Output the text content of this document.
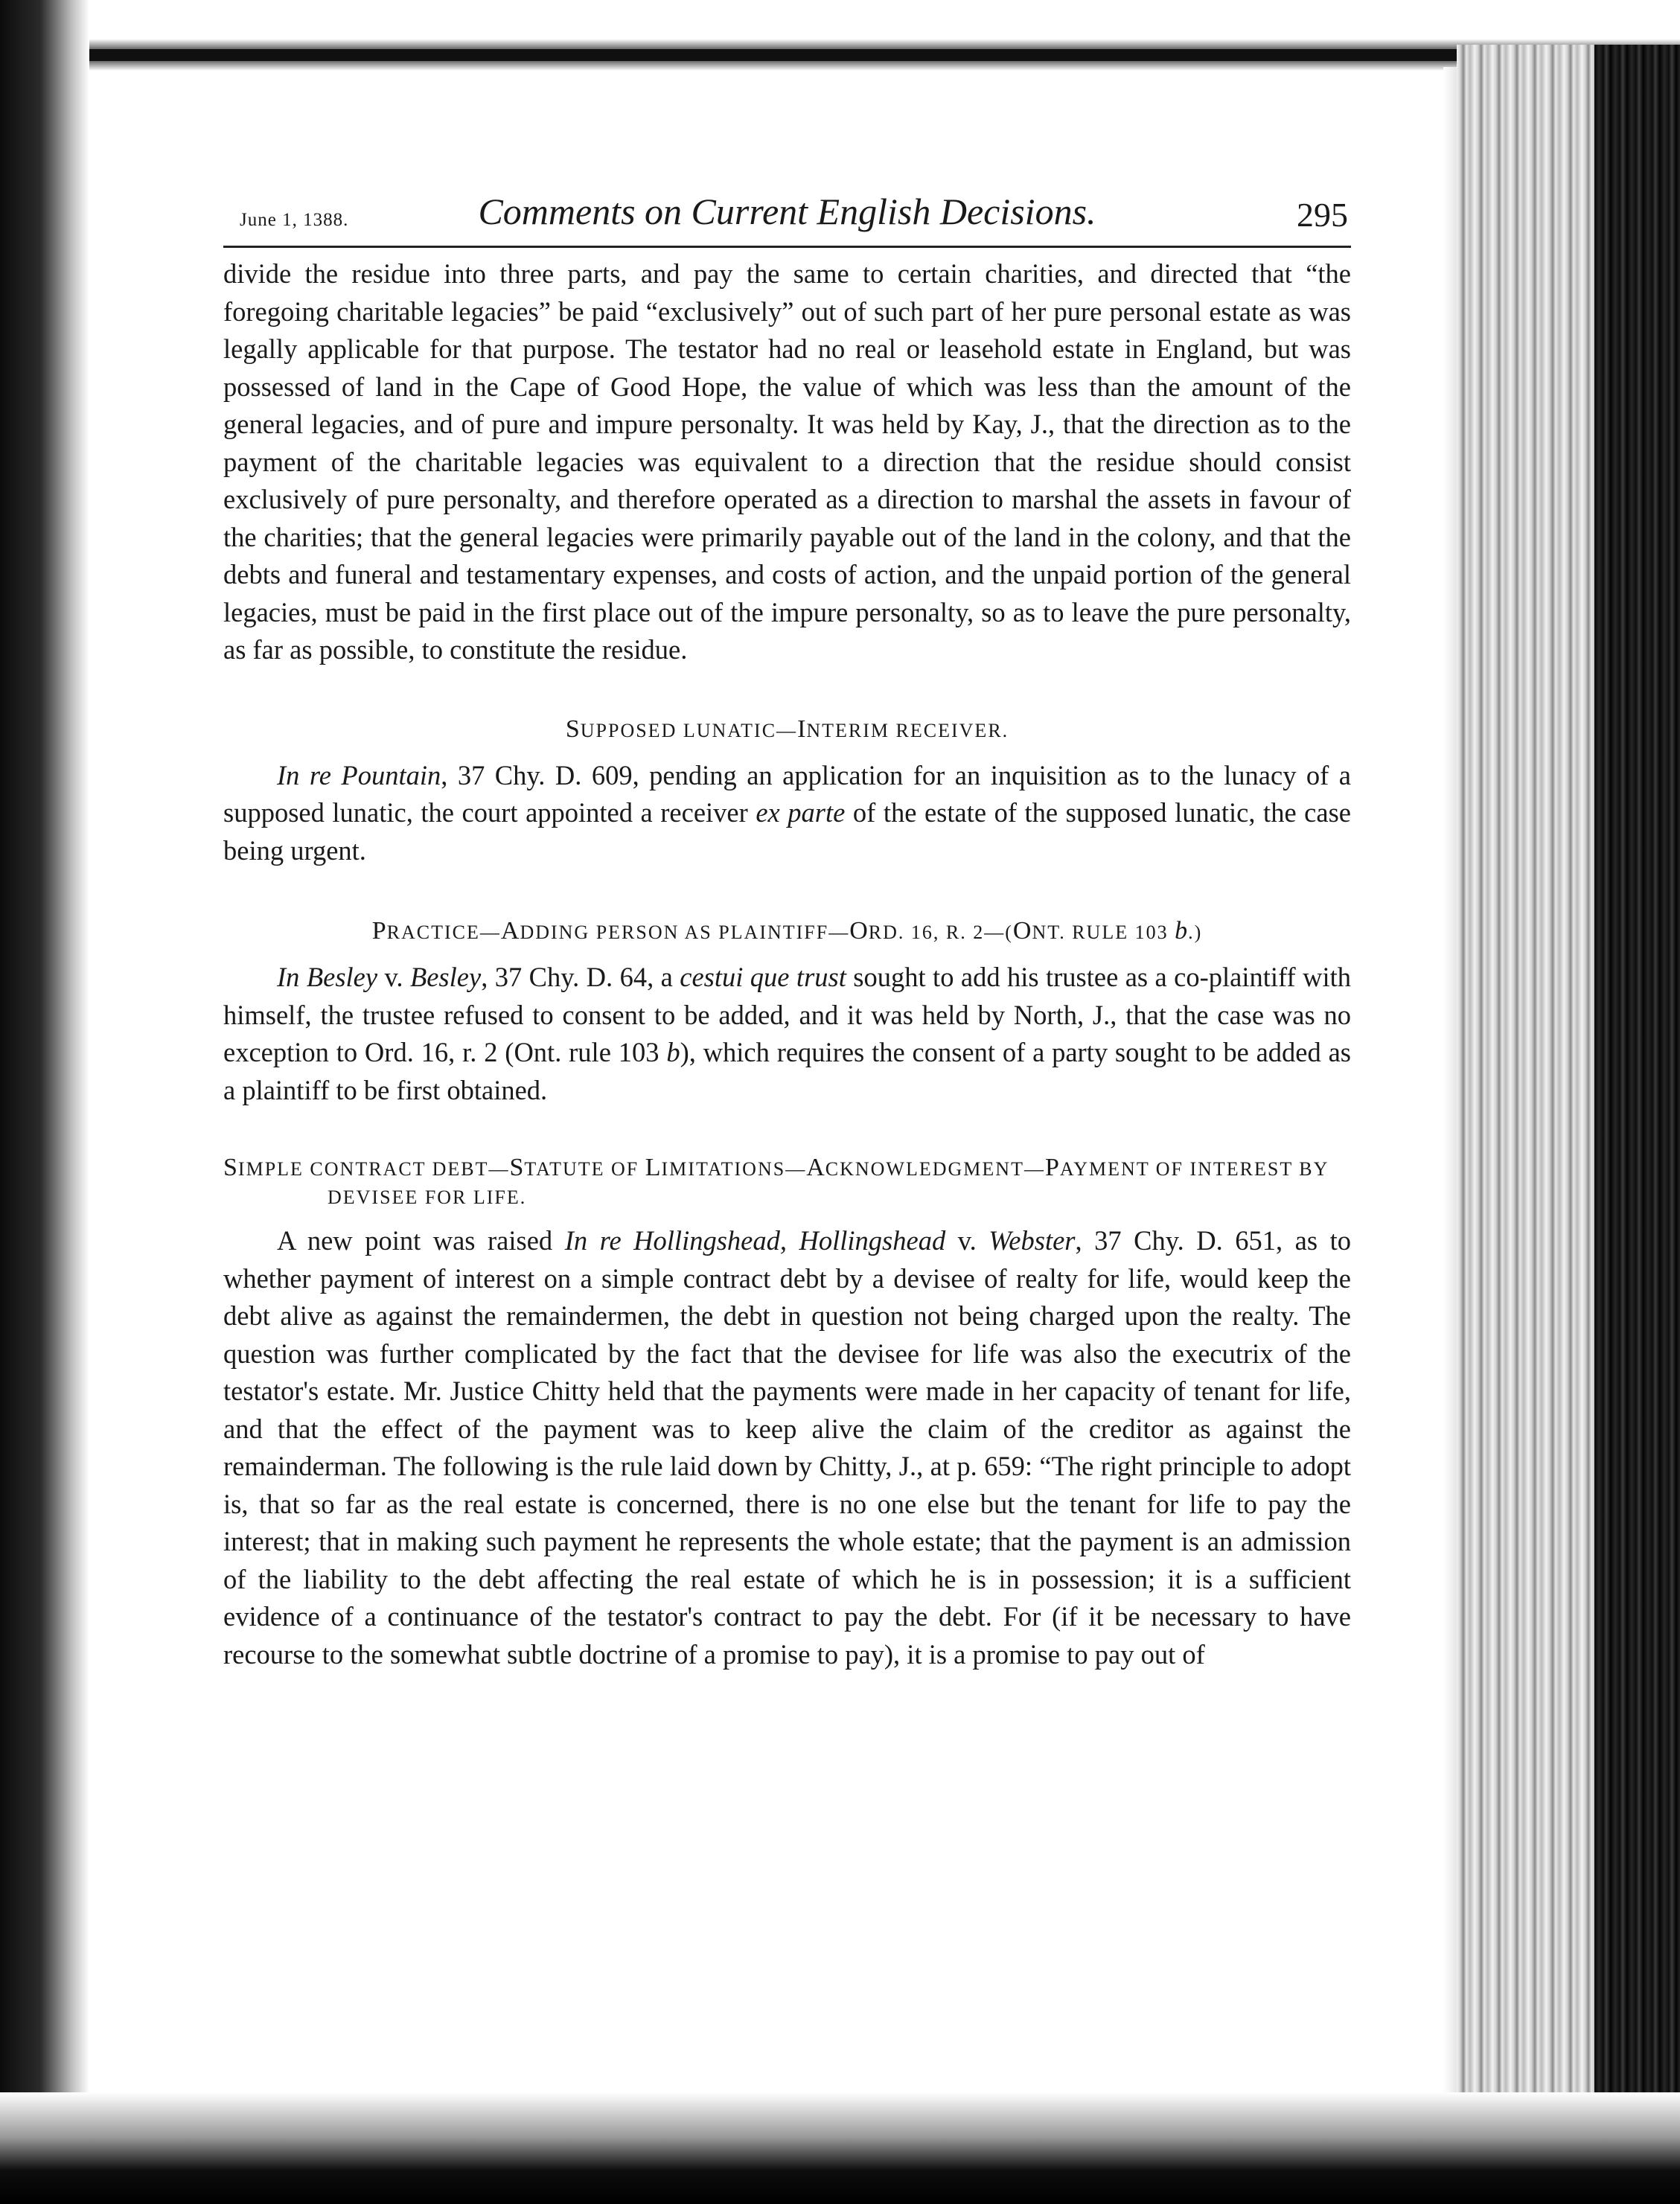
June 1, 1388.	Comments on Current English Decisions.	295

divide the residue into three parts, and pay the same to certain charities, and directed that “the foregoing charitable legacies” be paid “exclusively” out of such part of her pure personal estate as was legally applicable for that purpose. The testator had no real or leasehold estate in England, but was possessed of land in the Cape of Good Hope, the value of which was less than the amount of the general legacies, and of pure and impure personalty. It was held by Kay, J., that the direction as to the payment of the charitable legacies was equivalent to a direction that the residue should consist exclusively of pure personalty, and therefore operated as a direction to marshal the assets in favour of the charities; that the general legacies were primarily payable out of the land in the colony, and that the debts and funeral and testamentary expenses, and costs of action, and the unpaid portion of the general legacies, must be paid in the first place out of the impure personalty, so as to leave the pure personalty, as far as possible, to constitute the residue.

SUPPOSED LUNATIC—INTERIM RECEIVER.

In re Pountain, 37 Chy. D. 609, pending an application for an inquisition as to the lunacy of a supposed lunatic, the court appointed a receiver ex parte of the estate of the supposed lunatic, the case being urgent.

PRACTICE—ADDING PERSON AS PLAINTIFF—ORD. 16, R. 2—(ONT. RULE 103 b.)

In Besley v. Besley, 37 Chy. D. 64, a cestui que trust sought to add his trustee as a co-plaintiff with himself, the trustee refused to consent to be added, and it was held by North, J., that the case was no exception to Ord. 16, r. 2 (Ont. rule 103 b), which requires the consent of a party sought to be added as a plaintiff to be first obtained.

SIMPLE CONTRACT DEBT—STATUTE OF LIMITATIONS—ACKNOWLEDGMENT—PAYMENT OF INTEREST BY DEVISEE FOR LIFE.

A new point was raised In re Hollingshead, Hollingshead v. Webster, 37 Chy. D. 651, as to whether payment of interest on a simple contract debt by a devisee of realty for life, would keep the debt alive as against the remaindermen, the debt in question not being charged upon the realty. The question was further complicated by the fact that the devisee for life was also the executrix of the testator's estate. Mr. Justice Chitty held that the payments were made in her capacity of tenant for life, and that the effect of the payment was to keep alive the claim of the creditor as against the remainderman. The following is the rule laid down by Chitty, J., at p. 659: “The right principle to adopt is, that so far as the real estate is concerned, there is no one else but the tenant for life to pay the interest; that in making such payment he represents the whole estate; that the payment is an admission of the liability to the debt affecting the real estate of which he is in possession; it is a sufficient evidence of a continuance of the testator's contract to pay the debt. For (if it be necessary to have recourse to the somewhat subtle doctrine of a promise to pay), it is a promise to pay out of
